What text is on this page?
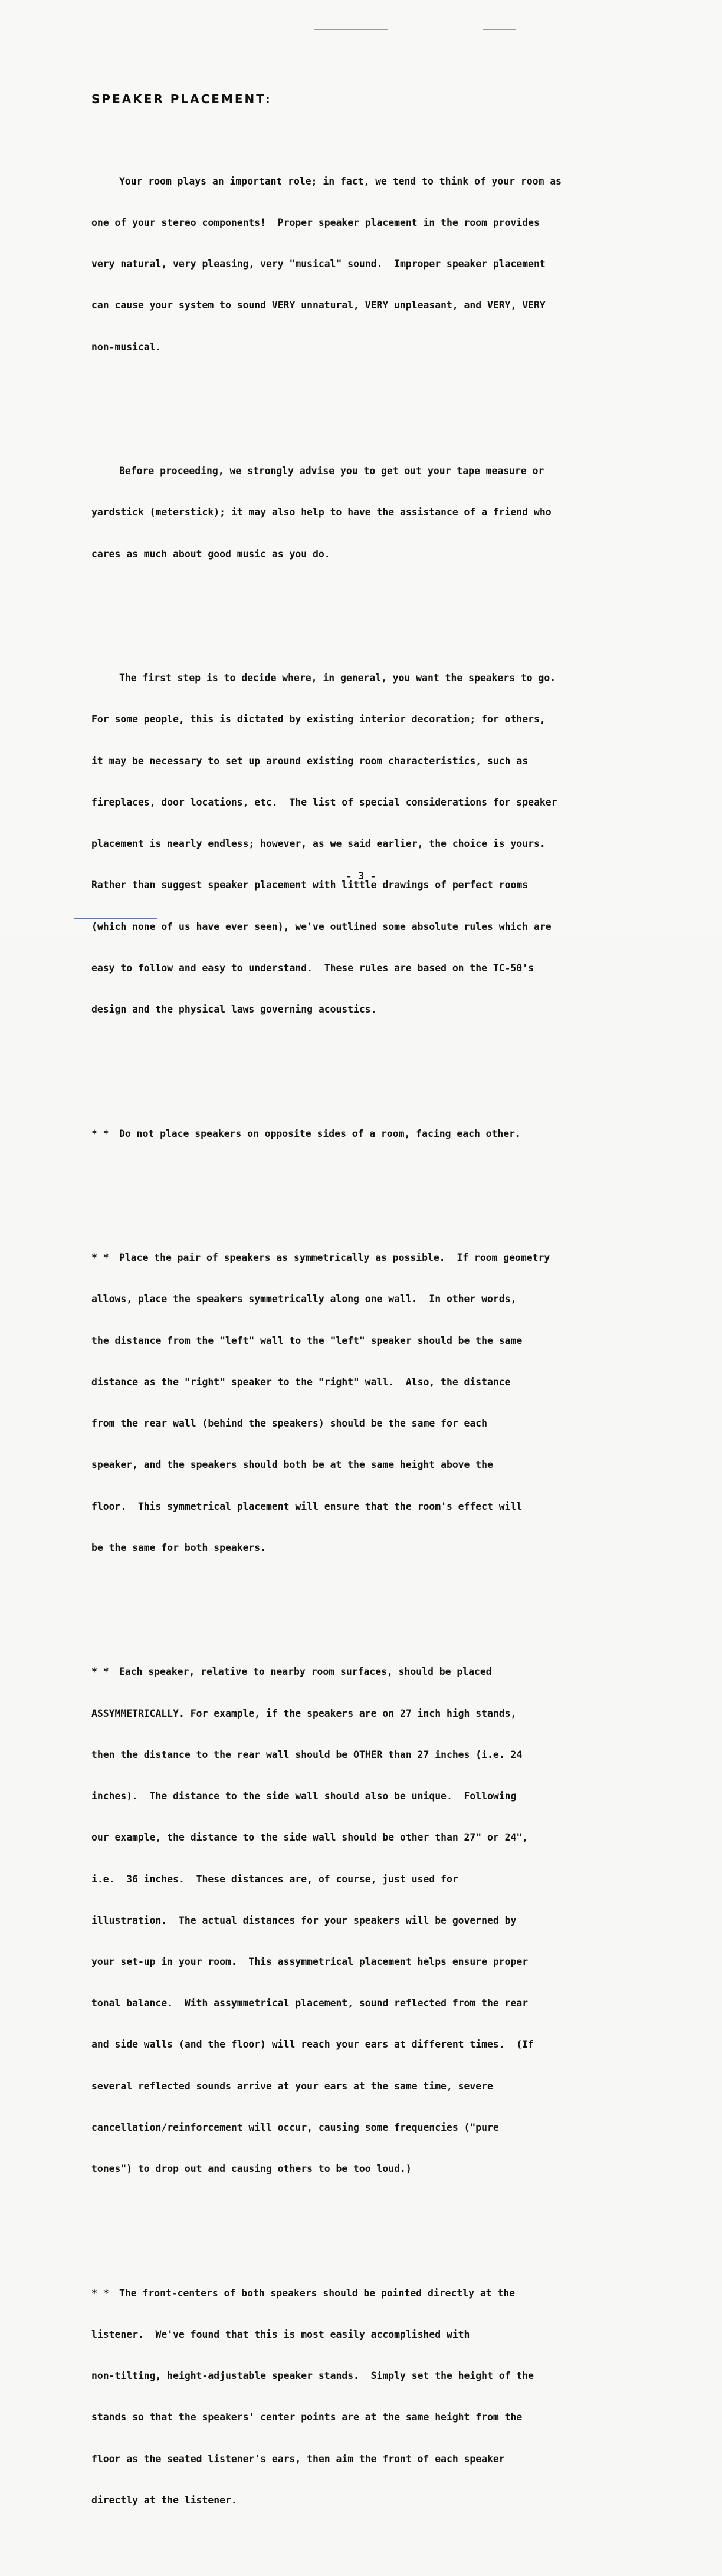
SPEAKER PLACEMENT:

Your room plays an important role; in fact, we tend to think of your room as

one of your stereo components!  Proper speaker placement in the room provides

very natural, very pleasing, very "musical" sound.  Improper speaker placement

can cause your system to sound VERY unnatural, VERY unpleasant, and VERY, VERY

non-musical.

Before proceeding, we strongly advise you to get out your tape measure or

yardstick (meterstick); it may also help to have the assistance of a friend who

cares as much about good music as you do.

The first step is to decide where, in general, you want the speakers to go.

For some people, this is dictated by existing interior decoration; for others,

it may be necessary to set up around existing room characteristics, such as

fireplaces, door locations, etc.  The list of special considerations for speaker

placement is nearly endless; however, as we said earlier, the choice is yours.

Rather than suggest speaker placement with little drawings of perfect rooms

(which none of us have ever seen), we've outlined some absolute rules which are

easy to follow and easy to understand.  These rules are based on the TC-50's

design and the physical laws governing acoustics.

* * Do not place speakers on opposite sides of a room, facing each other.

* * Place the pair of speakers as symmetrically as possible.  If room geometry

allows, place the speakers symmetrically along one wall.  In other words,

the distance from the "left" wall to the "left" speaker should be the same

distance as the "right" speaker to the "right" wall.  Also, the distance

from the rear wall (behind the speakers) should be the same for each

speaker, and the speakers should both be at the same height above the

floor.  This symmetrical placement will ensure that the room's effect will

be the same for both speakers.

* * Each speaker, relative to nearby room surfaces, should be placed

ASSYMMETRICALLY. For example, if the speakers are on 27 inch high stands,

then the distance to the rear wall should be OTHER than 27 inches (i.e. 24

inches).  The distance to the side wall should also be unique.  Following

our example, the distance to the side wall should be other than 27" or 24",

i.e.  36 inches.  These distances are, of course, just used for

illustration.  The actual distances for your speakers will be governed by

your set-up in your room.  This assymmetrical placement helps ensure proper

tonal balance.  With assymmetrical placement, sound reflected from the rear

and side walls (and the floor) will reach your ears at different times.  (If

several reflected sounds arrive at your ears at the same time, severe

cancellation/reinforcement will occur, causing some frequencies ("pure

tones") to drop out and causing others to be too loud.)

* * The front-centers of both speakers should be pointed directly at the

listener.  We've found that this is most easily accomplished with

non-tilting, height-adjustable speaker stands.  Simply set the height of the

stands so that the speakers' center points are at the same height from the

floor as the seated listener's ears, then aim the front of each speaker

directly at the listener.

- 3 -
